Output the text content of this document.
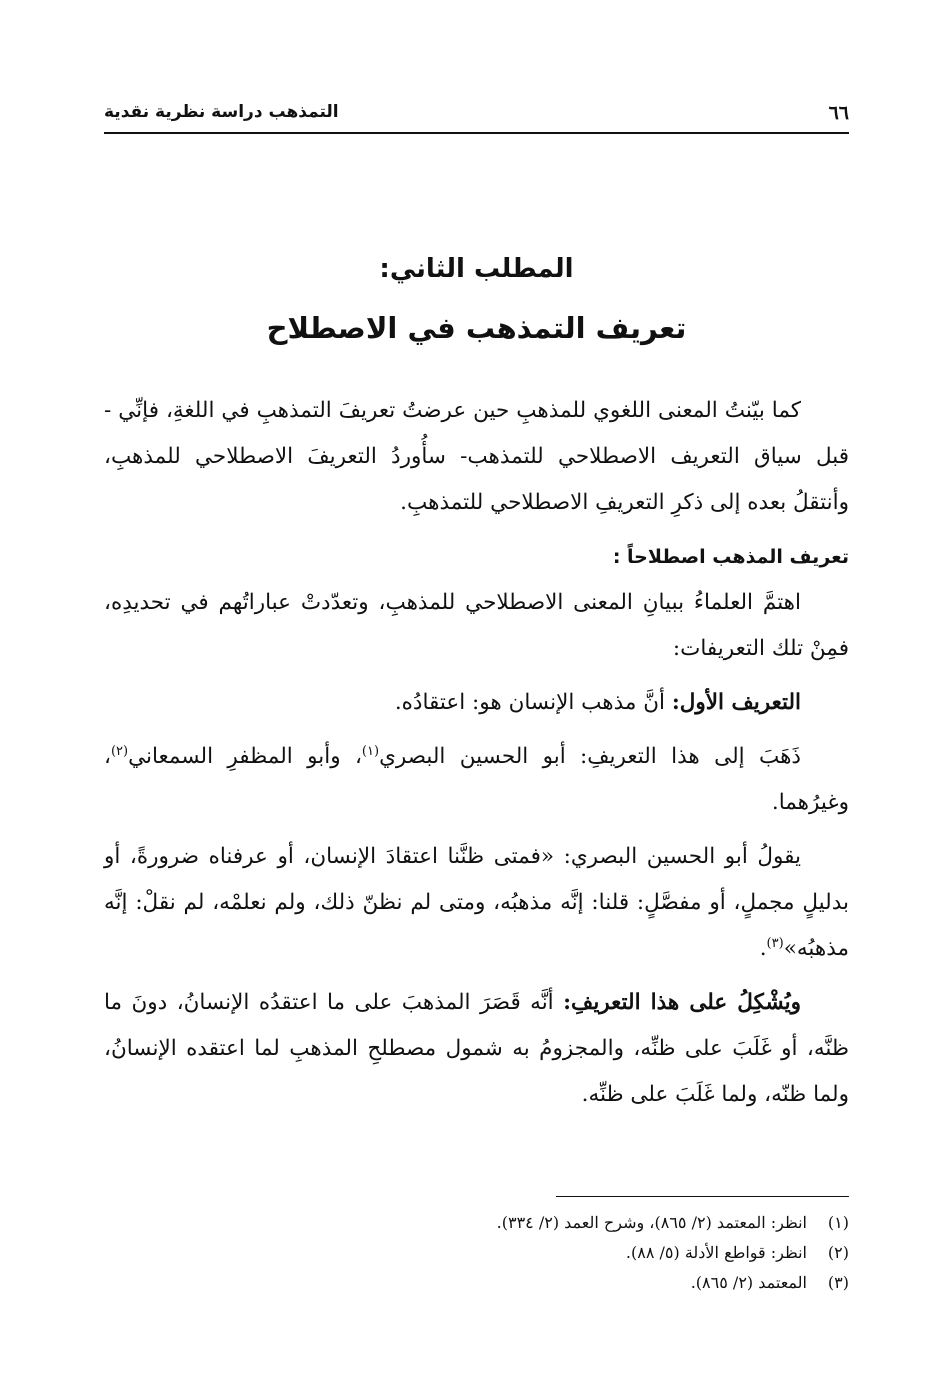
٦٦
التمذهب دراسة نظرية نقدية
المطلب الثاني:
تعريف التمذهب في الاصطلاح

كما بيّنتُ المعنى اللغوي للمذهبِ حين عرضتُ تعريفَ التمذهبِ في اللغةِ، فإنِّي - قبل سياق التعريف الاصطلاحي للتمذهب- سأُوردُ التعريفَ الاصطلاحي للمذهبِ، وأنتقلُ بعده إلى ذكرِ التعريفِ الاصطلاحي للتمذهبِ.

تعريف المذهب اصطلاحاً :

اهتمَّ العلماءُ ببيانِ المعنى الاصطلاحي للمذهبِ، وتعدّدتْ عباراتُهم في تحديدِه، فمِنْ تلك التعريفات:

التعريف الأول: أنَّ مذهب الإنسان هو: اعتقادُه.

ذَهَبَ إلى هذا التعريفِ: أبو الحسين البصري$^{(١)}$، وأبو المظفرِ السمعاني$^{(٢)}$، وغيرُهما.

يقولُ أبو الحسين البصري: «فمتى ظنَّنا اعتقادَ الإنسان، أو عرفناه ضرورةً، أو بدليلٍ مجملٍ، أو مفصَّلٍ: قلنا: إنَّه مذهبُه، ومتى لم نظنّ ذلك، ولم نعلمْه، لم نقلْ: إنَّه مذهبُه»$^{(٣)}$.

ويُشْكِلُ على هذا التعريفِ: أنَّه قَصَرَ المذهبَ على ما اعتقدُه الإنسانُ، دونَ ما ظنَّه، أو غَلَبَ على ظنِّه، والمجزومُ به شمول مصطلحِ المذهبِ لما اعتقده الإنسانُ، ولما ظنّه، ولما غَلَبَ على ظنِّه.

(١)انظر: المعتمد (٢/ ٨٦٥)، وشرح العمد (٢/ ٣٣٤).
(٢)انظر: قواطع الأدلة (٥/ ٨٨).
(٣)المعتمد (٢/ ٨٦٥).
